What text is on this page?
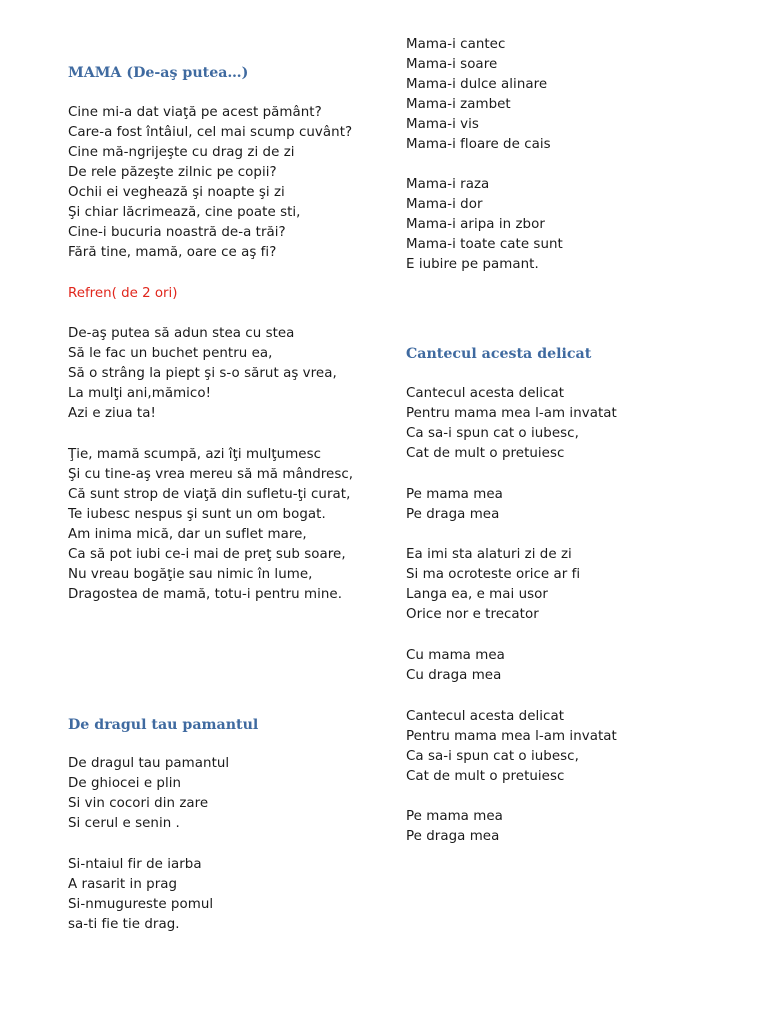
MAMA (De-aş putea…)
Cine mi-a dat viaţă pe acest pământ?
Care-a fost întâiul, cel mai scump cuvânt?
Cine mă-ngrijeşte cu drag zi de zi
De rele păzeşte zilnic pe copii?
Ochii ei veghează şi noapte şi zi
Şi chiar lăcrimează, cine poate sti,
Cine-i bucuria noastră de-a trăi?
Fără tine, mamă, oare ce aş fi?
Refren( de 2 ori)
De-aş putea să adun stea cu stea
Să le fac un buchet pentru ea,
Să o strâng la piept şi s-o sărut aş vrea,
La mulţi ani,mămico!
Azi e ziua ta!
Ţie, mamă scumpă, azi îţi mulţumesc
Şi cu tine-aş vrea mereu să mă mândresc,
Că sunt strop de viaţă din sufletu-ţi curat,
Te iubesc nespus şi sunt un om bogat.
Am inima mică, dar un suflet mare,
Ca să pot iubi ce-i mai de preţ sub soare,
Nu vreau bogăţie sau nimic în lume,
Dragostea de mamă, totu-i pentru mine.
De dragul tau pamantul
De dragul tau pamantul
De ghiocei e plin
Si vin cocori din zare
Si cerul e senin .
Si-ntaiul fir de iarba
A rasarit in prag
Si-nmugureste pomul
sa-ti fie tie drag.
Mama-i cantec
Mama-i soare
Mama-i dulce alinare
Mama-i zambet
Mama-i vis
Mama-i floare de cais
Mama-i raza
Mama-i dor
Mama-i aripa in zbor
Mama-i toate cate sunt
E iubire pe pamant.
Cantecul acesta delicat
Cantecul acesta delicat
Pentru mama mea l-am invatat
Ca sa-i spun cat o iubesc,
Cat de mult o pretuiesc
Pe mama mea
Pe draga mea
Ea imi sta alaturi zi de zi
Si ma ocroteste orice ar fi
Langa ea, e mai usor
Orice nor e trecator
Cu mama mea
Cu draga mea
Cantecul acesta delicat
Pentru mama mea l-am invatat
Ca sa-i spun cat o iubesc,
Cat de mult o pretuiesc
Pe mama mea
Pe draga mea
